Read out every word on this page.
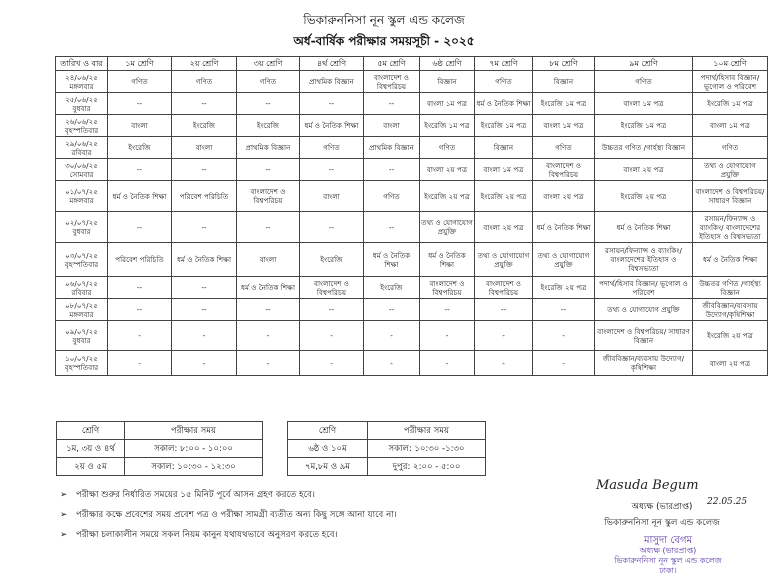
ভিকারুননিসা নূন স্কুল এন্ড কলেজ
অর্ধ-বার্ষিক পরীক্ষার সময়সূচী - ২০২৫
তারিখ ও বার	১ম শ্রেণি	২য় শ্রেণি	৩য় শ্রেণি	৪র্থ শ্রেণি	৫ম শ্রেণি	৬ষ্ঠ শ্রেণি	৭ম শ্রেণি	৮ম শ্রেণি	৯ম শ্রেণি	১০ম শ্রেণি

২৪/০৬/২৫
মঙ্গলবার	গণিত	গণিত	গণিত	প্রাথমিক বিজ্ঞান	বাংলাদেশ ও বিশ্বপরিচয়	বিজ্ঞান	গণিত	বিজ্ঞান	গণিত	পদার্থ/হিসাব বিজ্ঞান/ ভূগোল ও পরিবেশ

২৫/০৬/২৫
বুধবার	--	--	--	--	--	বাংলা ১ম পত্র	ধর্ম ও নৈতিক শিক্ষা	ইংরেজি ১ম পত্র	বাংলা ১ম পত্র	ইংরেজি ১ম পত্র

২৬/০৬/২৫
বৃহস্পতিবার	বাংলা	ইংরেজি	ইংরেজি	ধর্ম ও নৈতিক শিক্ষা	বাংলা	ইংরেজি ১ম পত্র	ইংরেজি ১ম পত্র	বাংলা ১ম পত্র	ইংরেজি ১ম পত্র	বাংলা ১ম পত্র

২৯/০৬/২৫
রবিবার	ইংরেজি	বাংলা	প্রাথমিক বিজ্ঞান	গণিত	প্রাথমিক বিজ্ঞান	গণিত	বিজ্ঞান	গণিত	উচ্চতর গণিত /গার্হস্থ্য বিজ্ঞান	গণিত

৩০/০৬/২৫
সোমবার	--	--	--	--	--	বাংলা ২য় পত্র	বাংলা ১ম পত্র	বাংলাদেশ ও বিশ্বপরিচয়	বাংলা ২য় পত্র	তথ্য ও যোগাযোগ প্রযুক্তি

০১/০৭/২৫
মঙ্গলবার	ধর্ম ও নৈতিক শিক্ষা	পরিবেশ পরিচিতি	বাংলাদেশ ও বিশ্বপরিচয়	বাংলা	গণিত	ইংরেজি ২য় পত্র	ইংরেজি ২য় পত্র	বাংলা ২য় পত্র	ইংরেজি ২য় পত্র	বাংলাদেশ ও বিশ্বপরিচয়/ সাধারণ বিজ্ঞান

০২/০৭/২৫
বুধবার	--	--	--	--	--	তথ্য ও যোগাযোগ প্রযুক্তি	বাংলা ২য় পত্র	ধর্ম ও নৈতিক শিক্ষা	ধর্ম ও নৈতিক শিক্ষা	রসায়ন/ফিন্যান্স ও ব্যাংকিং/ বাংলাদেশের ইতিহাস ও বিশ্বসভ্যতা

০৩/০৭/২৫
বৃহস্পতিবার	পরিবেশ পরিচিতি	ধর্ম ও নৈতিক শিক্ষা	বাংলা	ইংরেজি	ধর্ম ও নৈতিক শিক্ষা	ধর্ম ও নৈতিক শিক্ষা	তথ্য ও যোগাযোগ প্রযুক্তি	তথ্য ও যোগাযোগ প্রযুক্তি	রসায়ন/ফিন্যান্স ও ব্যাংকিং/ বাংলাদেশের ইতিহাস ও বিশ্বসভ্যতা	ধর্ম ও নৈতিক শিক্ষা

০৬/০৭/২৫
রবিবার	--	--	ধর্ম ও নৈতিক শিক্ষা	বাংলাদেশ ও বিশ্বপরিচয়	ইংরেজি	বাংলাদেশ ও বিশ্বপরিচয়	বাংলাদেশ ও বিশ্বপরিচয়	ইংরেজি ২য় পত্র	পদার্থ/হিসাব বিজ্ঞান/ ভূগোল ও পরিবেশ	উচ্চতর গণিত /গার্হস্থ্য বিজ্ঞান

০৮/০৭/২৫
মঙ্গলবার	--	--	--	--	--	--	--	--	তথ্য ও যোগাযোগ প্রযুক্তি	জীববিজ্ঞান/ব্যবসায় উদ্যোগ/কৃষিশিক্ষা

০৯/০৭/২৫
বুধবার	-	-	-	-	-	-	-	-	বাংলাদেশ ও বিশ্বপরিচয়/ সাধারণ বিজ্ঞান	ইংরেজি ২য় পত্র

১০/০৭/২৫
বৃহস্পতিবার	-	-	-	-	-	-	-	-	জীববিজ্ঞান/ব্যবসায় উদ্যোগ/কৃষিশিক্ষা	বাংলা ২য় পত্র
শ্রেণি	পরীক্ষার সময়
১ম, ৩য় ও ৪র্থ	সকাল: ৮:০০ - ১০:০০
২য় ও ৫ম	সকাল: ১০:৩০ - ১২:৩০
শ্রেণি	পরীক্ষার সময়
৬ষ্ঠ ও ১০ম	সকাল: ১০:৩০ -১:৩০
৭ম,৮ম ও ৯ম	দুপুর: ২:০০ - ৫:০০
➢ পরীক্ষা শুরুর নির্ধারিত সময়ের ১৫ মিনিট পূর্বে আসন গ্রহণ করতে হবে।
➢ পরীক্ষার কক্ষে প্রবেশের সময় প্রবেশ পত্র ও পরীক্ষা সামগ্রী ব্যতীত অন্য কিছু সঙ্গে আনা যাবে না।
➢ পরীক্ষা চলাকালীন সময়ে সকল নিয়ম কানুন যথাযথভাবে অনুসরণ করতে হবে।
Masuda Begum
22.05.25
অধ্যক্ষ (ভারপ্রাপ্ত)
ভিকারুননিসা নূন স্কুল এন্ড কলেজ
মাসুদা বেগম
অধ্যক্ষ (ভারপ্রাপ্ত)
ভিকারুননিসা নূন স্কুল এন্ড কলেজ
ঢাকা।
